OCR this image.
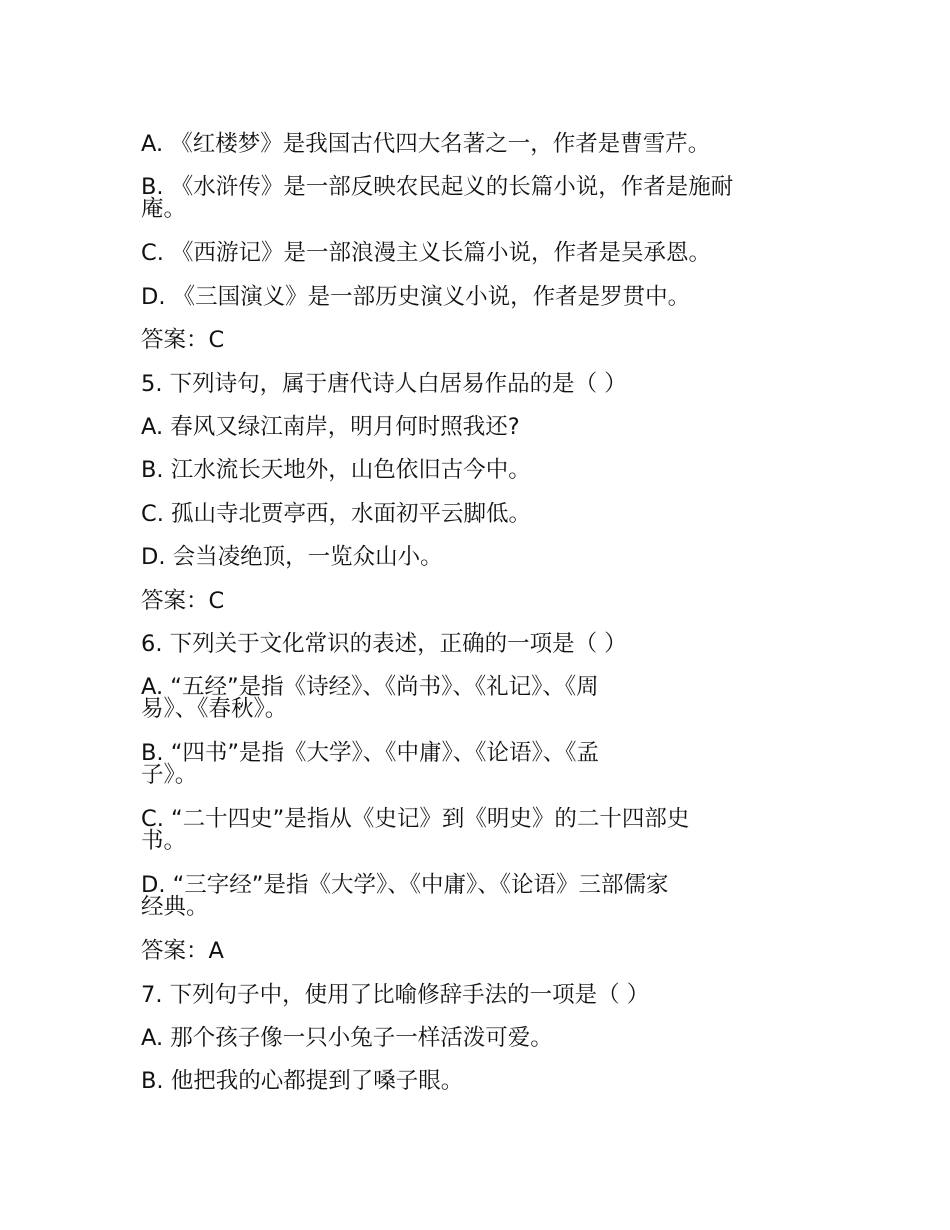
A. 《红楼梦》是我国古代四大名著之一，作者是曹雪芹。
B. 《水浒传》是一部反映农民起义的长篇小说，作者是施耐
庵。
C. 《西游记》是一部浪漫主义长篇小说，作者是吴承恩。
D. 《三国演义》是一部历史演义小说，作者是罗贯中。
答案：C
5. 下列诗句，属于唐代诗人白居易作品的是（ ）
A. 春风又绿江南岸，明月何时照我还?
B. 江水流长天地外，山色依旧古今中。
C. 孤山寺北贾亭西，水面初平云脚低。
D. 会当凌绝顶，一览众山小。
答案：C
6. 下列关于文化常识的表述，正确的一项是（ ）
A. “五经”是指《诗经》、《尚书》、《礼记》、《周
易》、《春秋》。
B. “四书”是指《大学》、《中庸》、《论语》、《孟
子》。
C. “二十四史”是指从《史记》到《明史》的二十四部史
书。
D. “三字经”是指《大学》、《中庸》、《论语》三部儒家
经典。
答案：A
7. 下列句子中，使用了比喻修辞手法的一项是（ ）
A. 那个孩子像一只小兔子一样活泼可爱。
B. 他把我的心都提到了嗓子眼。
